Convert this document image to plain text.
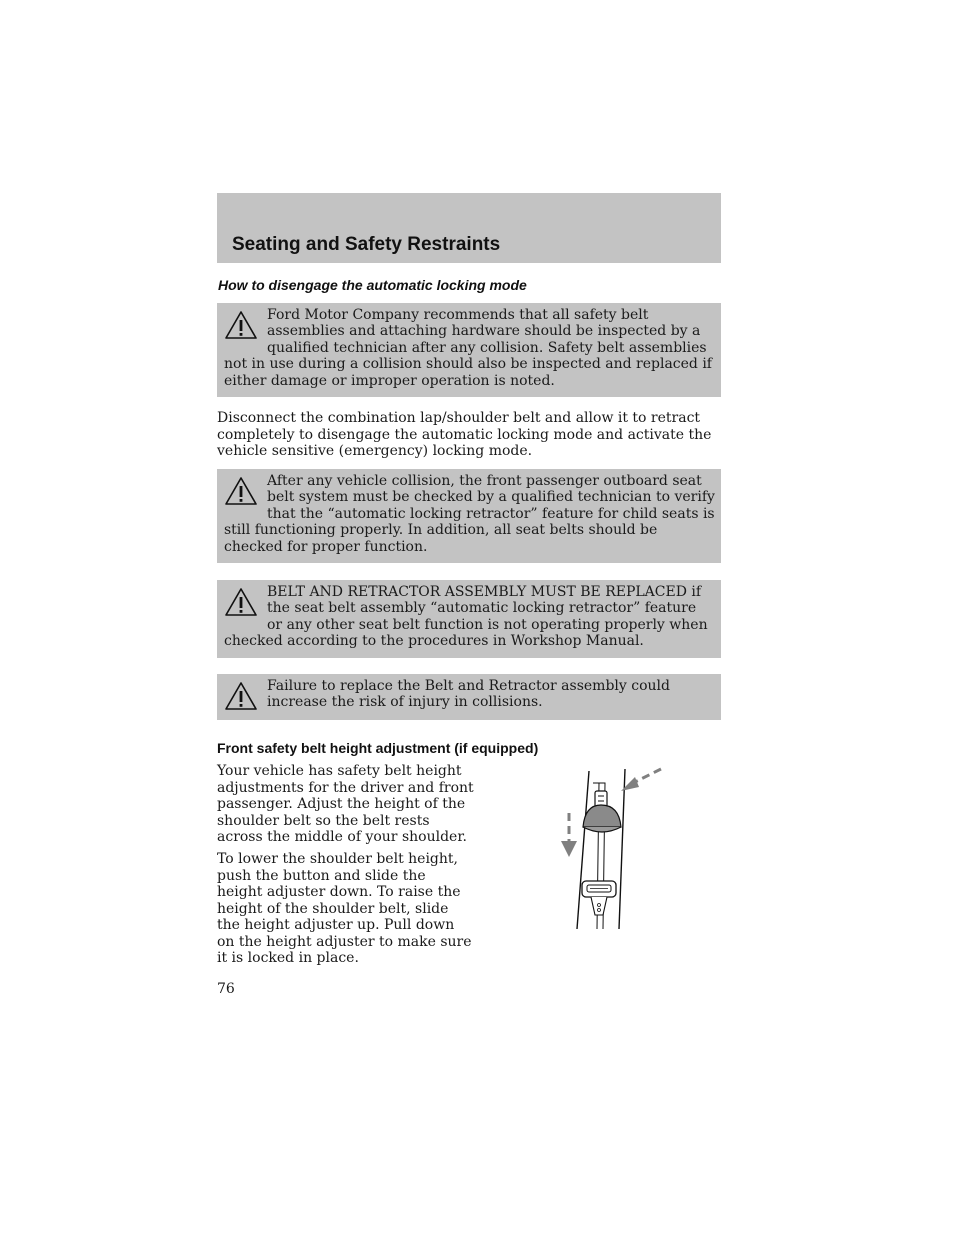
Seating and Safety Restraints
How to disengage the automatic locking mode

Ford Motor Company recommends that all safety belt assemblies and attaching hardware should be inspected by a qualified technician after any collision. Safety belt assemblies not in use during a collision should also be inspected and replaced if either damage or improper operation is noted.

Disconnect the combination lap/shoulder belt and allow it to retract completely to disengage the automatic locking mode and activate the vehicle sensitive (emergency) locking mode.

After any vehicle collision, the front passenger outboard seat belt system must be checked by a qualified technician to verify that the “automatic locking retractor” feature for child seats is still functioning properly. In addition, all seat belts should be checked for proper function.

BELT AND RETRACTOR ASSEMBLY MUST BE REPLACED if the seat belt assembly “automatic locking retractor” feature or any other seat belt function is not operating properly when checked according to the procedures in Workshop Manual.

Failure to replace the Belt and Retractor assembly could increase the risk of injury in collisions.

Front safety belt height adjustment (if equipped)

Your vehicle has safety belt height adjustments for the driver and front passenger. Adjust the height of the shoulder belt so the belt rests across the middle of your shoulder.

To lower the shoulder belt height, push the button and slide the height adjuster down. To raise the height of the shoulder belt, slide the height adjuster up. Pull down on the height adjuster to make sure it is locked in place.

76
